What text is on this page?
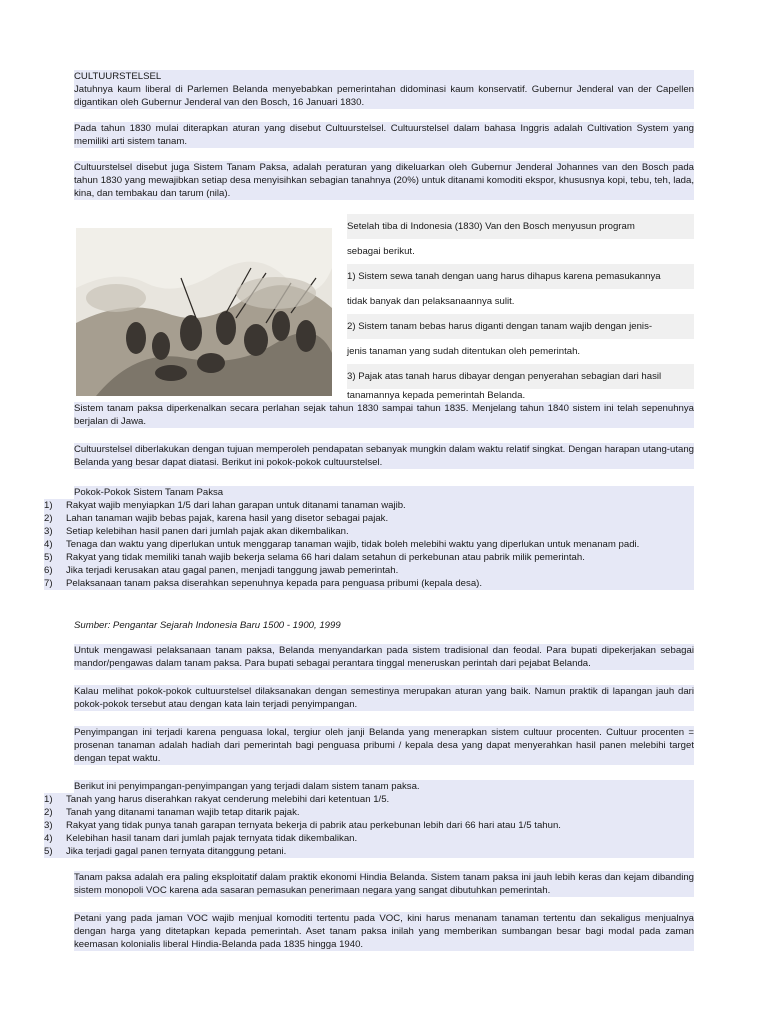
CULTUURSTELSEL

Jatuhnya kaum liberal di Parlemen Belanda menyebabkan pemerintahan didominasi kaum konservatif. Gubernur Jenderal van der Capellen digantikan oleh Gubernur Jenderal van den Bosch, 16 Januari 1830.

Pada tahun 1830 mulai diterapkan aturan yang disebut Cultuurstelsel. Cultuurstelsel dalam bahasa Inggris adalah Cultivation System yang memiliki arti sistem tanam.

Cultuurstelsel disebut juga Sistem Tanam Paksa, adalah peraturan yang dikeluarkan oleh Gubernur Jenderal Johannes van den Bosch pada tahun 1830 yang mewajibkan setiap desa menyisihkan sebagian tanahnya (20%) untuk ditanami komoditi ekspor, khususnya kopi, tebu, teh, lada, kina, dan tembakau dan tarum (nila).

Setelah tiba di Indonesia (1830) Van den Bosch menyusun program
sebagai berikut.
1) Sistem sewa tanah dengan uang harus dihapus karena pemasukannya
tidak banyak dan pelaksanaannya sulit.
2) Sistem tanam bebas harus diganti dengan tanam wajib dengan jenis-
jenis tanaman yang sudah ditentukan oleh pemerintah.
3) Pajak atas tanah harus dibayar dengan penyerahan sebagian dari hasil
tanamannya kepada pemerintah Belanda.

Sistem tanam paksa diperkenalkan secara perlahan sejak tahun 1830 sampai tahun 1835. Menjelang tahun 1840 sistem ini telah sepenuhnya berjalan di Jawa.

Cultuurstelsel diberlakukan dengan tujuan memperoleh pendapatan sebanyak mungkin dalam waktu relatif singkat. Dengan harapan utang-utang Belanda yang besar dapat diatasi. Berikut ini pokok-pokok cultuurstelsel.

Pokok-Pokok Sistem Tanam Paksa
1)	Rakyat wajib menyiapkan 1/5 dari lahan garapan untuk ditanami tanaman wajib.
2)	Lahan tanaman wajib bebas pajak, karena hasil yang disetor sebagai pajak.
3)	Setiap kelebihan hasil panen dari jumlah pajak akan dikembalikan.
4)	Tenaga dan waktu yang diperlukan untuk menggarap tanaman wajib, tidak boleh melebihi waktu yang diperlukan untuk menanam padi.
5)	Rakyat yang tidak memiliki tanah wajib bekerja selama 66 hari dalam setahun di perkebunan atau pabrik milik pemerintah.
6)	Jika terjadi kerusakan atau gagal panen, menjadi tanggung jawab pemerintah.
7)	Pelaksanaan tanam paksa diserahkan sepenuhnya kepada para penguasa pribumi (kepala desa).
Sumber: Pengantar Sejarah Indonesia Baru 1500 - 1900, 1999

Untuk mengawasi pelaksanaan tanam paksa, Belanda menyandarkan pada sistem tradisional dan feodal. Para bupati dipekerjakan sebagai mandor/pengawas dalam tanam paksa. Para bupati sebagai perantara tinggal meneruskan perintah dari pejabat Belanda.

Kalau melihat pokok-pokok cultuurstelsel dilaksanakan dengan semestinya merupakan aturan yang baik. Namun praktik di lapangan jauh dari pokok-pokok tersebut atau dengan kata lain terjadi penyimpangan.

Penyimpangan ini terjadi karena penguasa lokal, tergiur oleh janji Belanda yang menerapkan sistem cultuur procenten. Cultuur procenten = prosenan tanaman adalah hadiah dari pemerintah bagi penguasa pribumi / kepala desa yang dapat menyerahkan hasil panen melebihi target dengan tepat waktu.

Berikut ini penyimpangan-penyimpangan yang terjadi dalam sistem tanam paksa.
1)	Tanah yang harus diserahkan rakyat cenderung melebihi dari ketentuan 1/5.
2)	Tanah yang ditanami tanaman wajib tetap ditarik pajak.
3)	Rakyat yang tidak punya tanah garapan ternyata bekerja di pabrik atau perkebunan lebih dari 66 hari atau 1/5 tahun.
4)	Kelebihan hasil tanam dari jumlah pajak ternyata tidak dikembalikan.
5)	Jika terjadi gagal panen ternyata ditanggung petani.

Tanam paksa adalah era paling eksploitatif dalam praktik ekonomi Hindia Belanda. Sistem tanam paksa ini jauh lebih keras dan kejam dibanding sistem monopoli VOC karena ada sasaran pemasukan penerimaan negara yang sangat dibutuhkan pemerintah.

Petani yang pada jaman VOC wajib menjual komoditi tertentu pada VOC, kini harus menanam tanaman tertentu dan sekaligus menjualnya dengan harga yang ditetapkan kepada pemerintah. Aset tanam paksa inilah yang memberikan sumbangan besar bagi modal pada zaman keemasan kolonialis liberal Hindia-Belanda pada 1835 hingga 1940.
